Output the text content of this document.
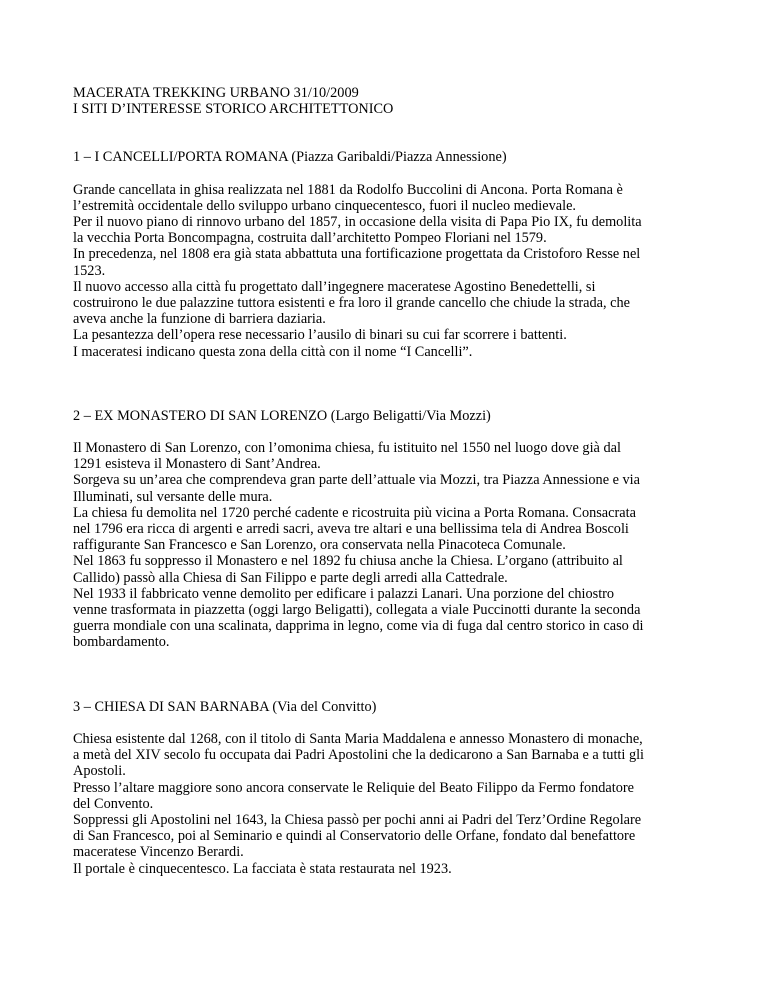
MACERATA TREKKING URBANO 31/10/2009

I SITI D’INTERESSE STORICO ARCHITETTONICO

1 – I CANCELLI/PORTA ROMANA (Piazza Garibaldi/Piazza Annessione)

Grande cancellata in ghisa realizzata nel 1881 da Rodolfo Buccolini di Ancona. Porta Romana è

l’estremità occidentale dello sviluppo urbano cinquecentesco, fuori il nucleo medievale.

Per il nuovo piano di rinnovo urbano del 1857, in occasione della visita di Papa Pio IX, fu demolita

la vecchia Porta Boncompagna, costruita dall’architetto Pompeo Floriani nel 1579.

In precedenza, nel 1808 era già stata abbattuta una fortificazione progettata da Cristoforo Resse nel

1523.

Il nuovo accesso alla città fu progettato dall’ingegnere maceratese Agostino Benedettelli, si

costruirono le due palazzine tuttora esistenti e fra loro il grande cancello che chiude la strada, che

aveva anche la funzione di barriera daziaria.

La pesantezza dell’opera rese necessario l’ausilo di binari su cui far scorrere i battenti.

I maceratesi indicano questa zona della città con il nome “I Cancelli”.

2 – EX MONASTERO DI SAN LORENZO (Largo Beligatti/Via Mozzi)

Il Monastero di San Lorenzo, con l’omonima chiesa, fu istituito nel 1550 nel luogo dove già dal

1291 esisteva il Monastero di Sant’Andrea.

Sorgeva su un’area che comprendeva gran parte dell’attuale via Mozzi, tra Piazza Annessione e via

Illuminati, sul versante delle mura.

La chiesa fu demolita nel 1720 perché cadente e ricostruita più vicina a Porta Romana. Consacrata

nel 1796 era ricca di argenti e arredi sacri, aveva tre altari e una bellissima tela di Andrea Boscoli

raffigurante San Francesco e San Lorenzo, ora conservata nella Pinacoteca Comunale.

Nel 1863 fu soppresso il Monastero e nel 1892 fu chiusa anche la Chiesa. L’organo (attribuito al

Callido) passò alla Chiesa di San Filippo e parte degli arredi alla Cattedrale.

Nel 1933 il fabbricato venne demolito per edificare i palazzi Lanari. Una porzione del chiostro

venne trasformata in piazzetta (oggi largo Beligatti), collegata a viale Puccinotti durante la seconda

guerra mondiale con una scalinata, dapprima in legno, come via di fuga dal centro storico in caso di

bombardamento.

3 – CHIESA DI SAN BARNABA (Via del Convitto)

Chiesa esistente dal 1268, con il titolo di Santa Maria Maddalena e annesso Monastero di monache,

a metà del XIV secolo fu occupata dai Padri Apostolini che la dedicarono a San Barnaba e a tutti gli

Apostoli.

Presso l’altare maggiore sono ancora conservate le Reliquie del Beato Filippo da Fermo fondatore

del Convento.

Soppressi gli Apostolini nel 1643, la Chiesa passò per pochi anni ai Padri del Terz’Ordine Regolare

di San Francesco, poi al Seminario e quindi al Conservatorio delle Orfane, fondato dal benefattore

maceratese Vincenzo Berardi.

Il portale è cinquecentesco. La facciata è stata restaurata nel 1923.
